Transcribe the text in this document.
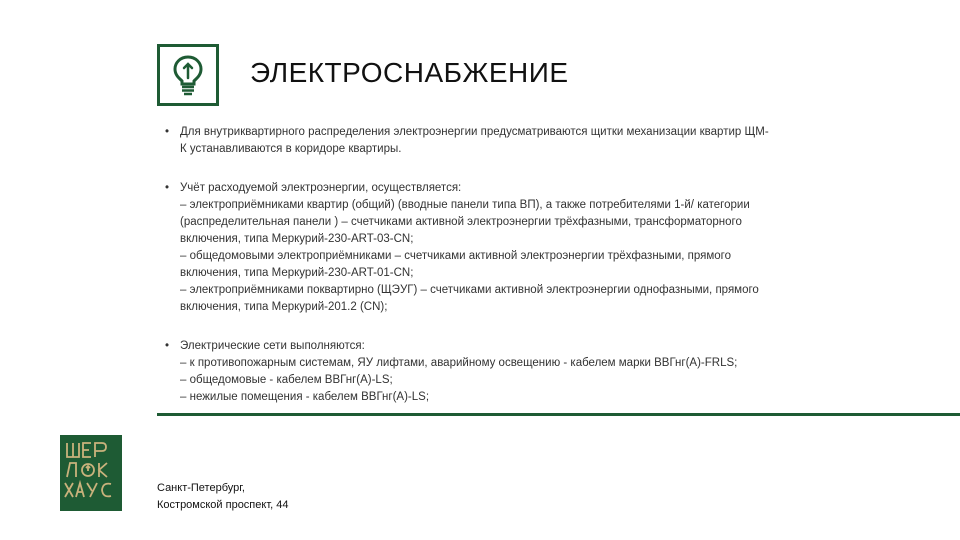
ЭЛЕКТРОСНАБЖЕНИЕ
• Для внутриквартирного распределения электроэнергии предусматриваются щитки механизации квартир ЩМ-
К устанавливаются в коридоре квартиры.
• Учёт расходуемой электроэнергии, осуществляется:
– электроприёмниками квартир (общий) (вводные панели типа ВП), а также потребителями 1-й/ категории
(распределительная панели ) – счетчиками активной электроэнергии трёхфазными, трансформаторного
включения, типа Меркурий-230-ART-03-CN;
– общедомовыми электроприёмниками – счетчиками активной электроэнергии трёхфазными, прямого
включения, типа Меркурий-230-ART-01-CN;
– электроприёмниками поквартирно (ЩЭУГ) – счетчиками активной электроэнергии однофазными, прямого
включения, типа Меркурий-201.2 (CN);
• Электрические сети выполняются:
– к противопожарным системам, ЯУ лифтами, аварийному освещению - кабелем марки ВВГнг(А)-FRLS;
– общедомовые - кабелем ВВГнг(А)-LS;
– нежилые помещения - кабелем ВВГнг(А)-LS;
Санкт-Петербург,
Костромской проспект, 44
